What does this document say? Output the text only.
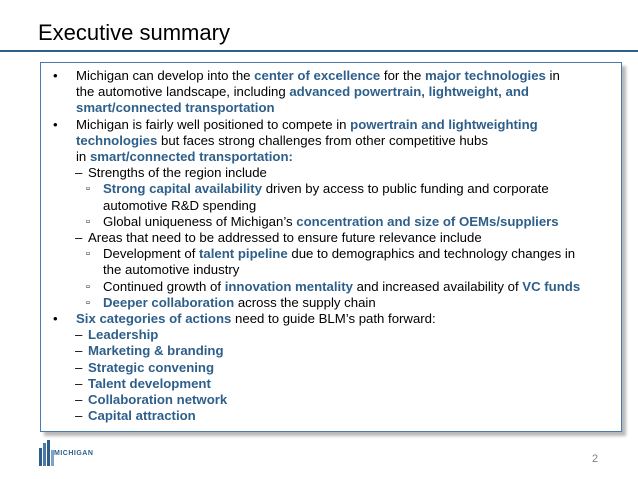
Executive summary
• Michigan can develop into the center of excellence for the major technologies in
the automotive landscape, including advanced powertrain, lightweight, and
smart/connected transportation
• Michigan is fairly well positioned to compete in powertrain and lightweighting
technologies but faces strong challenges from other competitive hubs
in smart/connected transportation:
– Strengths of the region include
▫ Strong capital availability driven by access to public funding and corporate
automotive R&D spending
▫ Global uniqueness of Michigan’s concentration and size of OEMs/suppliers
– Areas that need to be addressed to ensure future relevance include
▫ Development of talent pipeline due to demographics and technology changes in
the automotive industry
▫ Continued growth of innovation mentality and increased availability of VC funds
▫ Deeper collaboration across the supply chain
• Six categories of actions need to guide BLM’s path forward:
– Leadership
– Marketing & branding
– Strategic convening
– Talent development
– Collaboration network
– Capital attraction
MICHIGAN	2
